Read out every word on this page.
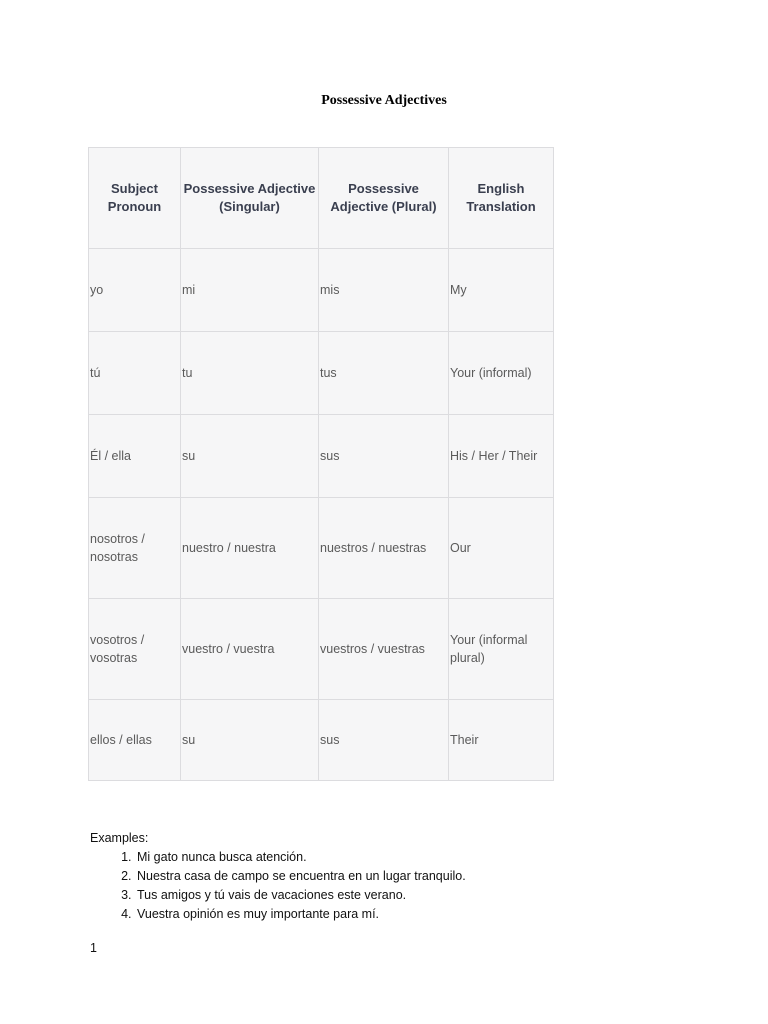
Possessive Adjectives
Subject Pronoun	Possessive Adjective (Singular)	Possessive Adjective (Plural)	English Translation
yo	mi	mis	My
tú	tu	tus	Your (informal)
Él / ella	su	sus	His / Her / Their
nosotros / nosotras	nuestro / nuestra	nuestros / nuestras	Our
vosotros / vosotras	vuestro / vuestra	vuestros / vuestras	Your (informal plural)
ellos / ellas	su	sus	Their
Examples:
1. Mi gato nunca busca atención.
2. Nuestra casa de campo se encuentra en un lugar tranquilo.
3. Tus amigos y tú vais de vacaciones este verano.
4. Vuestra opinión es muy importante para mí.
1
